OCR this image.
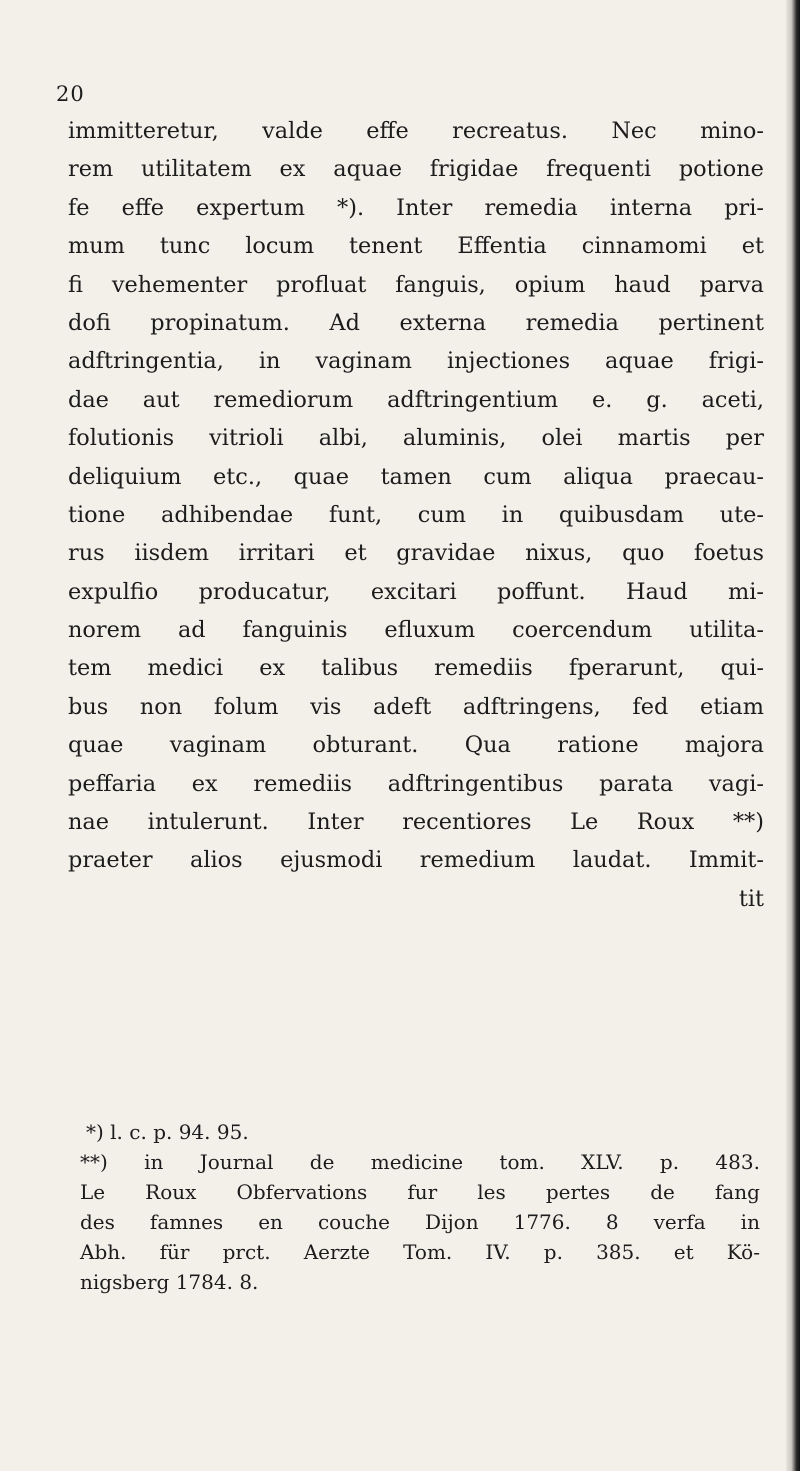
20
immitteretur, valde effe recreatus. Nec mino-
rem utilitatem ex aquae frigidae frequenti potione
fe effe expertum *). Inter remedia interna pri-
mum tunc locum tenent Effentia cinnamomi et
fi vehementer profluat fanguis, opium haud parva
dofi propinatum. Ad externa remedia pertinent
adftringentia, in vaginam injectiones aquae frigi-
dae aut remediorum adftringentium e. g. aceti,
folutionis vitrioli albi, aluminis, olei martis per
deliquium etc., quae tamen cum aliqua praecau-
tione adhibendae funt, cum in quibusdam ute-
rus iisdem irritari et gravidae nixus, quo foetus
expulfio producatur, excitari poffunt. Haud mi-
norem ad fanguinis efluxum coercendum utilita-
tem medici ex talibus remediis fperarunt, qui-
bus non folum vis adeft adftringens, fed etiam
quae vaginam obturant. Qua ratione majora
peffaria ex remediis adftringentibus parata vagi-
nae intulerunt. Inter recentiores Le Roux **)
praeter alios ejusmodi remedium laudat. Immit-
tit
*) l. c. p. 94. 95.
**) in Journal de medicine tom. XLV. p. 483.
Le Roux Obfervations fur les pertes de fang
des famnes en couche Dijon 1776. 8 verfa in
Abh. für prct. Aerzte Tom. IV. p. 385. et Kö-
nigsberg 1784. 8.
